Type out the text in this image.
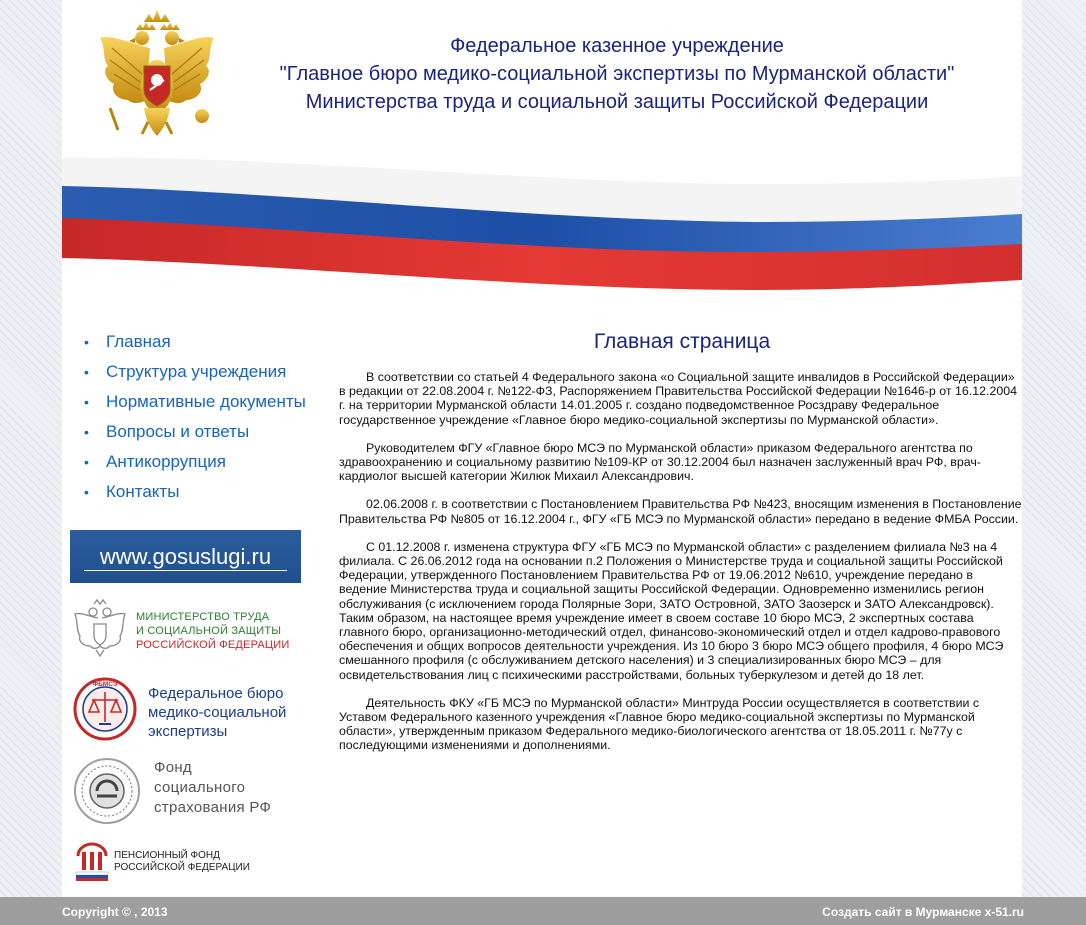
Федеральное казенное учреждение
"Главное бюро медико-социальной экспертизы по Мурманской области"
Министерства труда и социальной защиты Российской Федерации
•	Главная
•	Структура учреждения
•	Нормативные документы
•	Вопросы и ответы
•	Антикоррупция
•	Контакты
www.gosuslugi.ru
МИНИСТЕРСТВО ТРУДА
И СОЦИАЛЬНОЙ ЗАЩИТЫ
РОССИЙСКОЙ ФЕДЕРАЦИИ
ФБМСЭ
Федеральное бюро
медико-социальной
экспертизы
Фонд
социального
страхования РФ
ПЕНСИОННЫЙ ФОНД
РОССИЙСКОЙ ФЕДЕРАЦИИ
Главная страница

В соответствии со статьей 4 Федерального закона «о Социальной защите инвалидов в Российской Федерации» в редакции от 22.08.2004 г. №122-ФЗ, Распоряжением Правительства Российской Федерации №1646-р от 16.12.2004 г. на территории Мурманской области 14.01.2005 г. создано подведомственное Росздраву Федеральное государственное учреждение «Главное бюро медико-социальной экспертизы по Мурманской области».

Руководителем ФГУ «Главное бюро МСЭ по Мурманской области» приказом Федерального агентства по здравоохранению и социальному развитию №109-КР от 30.12.2004 был назначен заслуженный врач РФ, врач-кардиолог высшей категории Жилюк Михаил Александрович.

02.06.2008 г. в соответствии с Постановлением Правительства РФ №423, вносящим изменения в Постановление Правительства РФ №805 от 16.12.2004 г., ФГУ «ГБ МСЭ по Мурманской области» передано в ведение ФМБА России.

С 01.12.2008 г. изменена структура ФГУ «ГБ МСЭ по Мурманской области» с разделением филиала №3 на 4 филиала. С 26.06.2012 года на основании п.2 Положения о Министерстве труда и социальной защиты Российской Федерации, утвержденного Постановлением Правительства РФ от 19.06.2012 №610, учреждение передано в ведение Министерства труда и социальной защиты Российской Федерации. Одновременно изменились регион обслуживания (с исключением города Полярные Зори, ЗАТО Островной, ЗАТО Заозерск и ЗАТО Александровск). Таким образом, на настоящее время учреждение имеет в своем составе 10 бюро МСЭ, 2 экспертных состава главного бюро, организационно-методический отдел, финансово-экономический отдел и отдел кадрово-правового обеспечения и общих вопросов деятельности учреждения. Из 10 бюро 3 бюро МСЭ общего профиля, 4 бюро МСЭ смешанного профиля (с обслуживанием детского населения) и 3 специализированных бюро МСЭ – для освидетельствования лиц с психическими расстройствами, больных туберкулезом и детей до 18 лет.

Деятельность ФКУ «ГБ МСЭ по Мурманской области» Минтруда России осуществляется в соответствии с Уставом Федерального казенного учреждения «Главное бюро медико-социальной экспертизы по Мурманской области», утвержденным приказом Федерального медико-биологического агентства от 18.05.2011 г. №77у с последующими изменениями и дополнениями.

Copyright © , 2013	Создать сайт в Мурманске x-51.ru
